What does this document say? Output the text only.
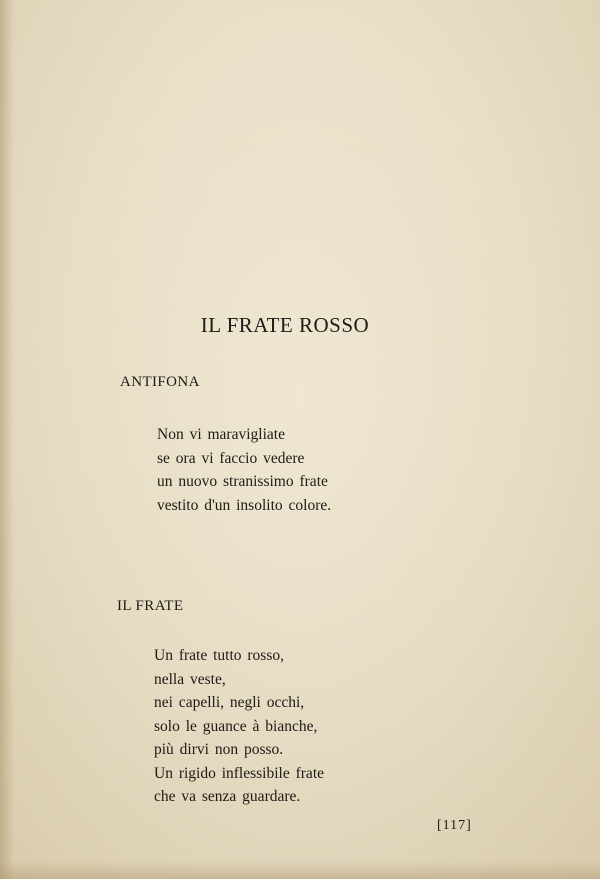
IL FRATE ROSSO
ANTIFONA
Non vi maravigliate
se ora vi faccio vedere
un nuovo stranissimo frate
vestito d'un insolito colore.
IL FRATE
Un frate tutto rosso,
nella veste,
nei capelli, negli occhi,
solo le guance à bianche,
più dirvi non posso.
Un rigido inflessibile frate
che va senza guardare.
[117]
